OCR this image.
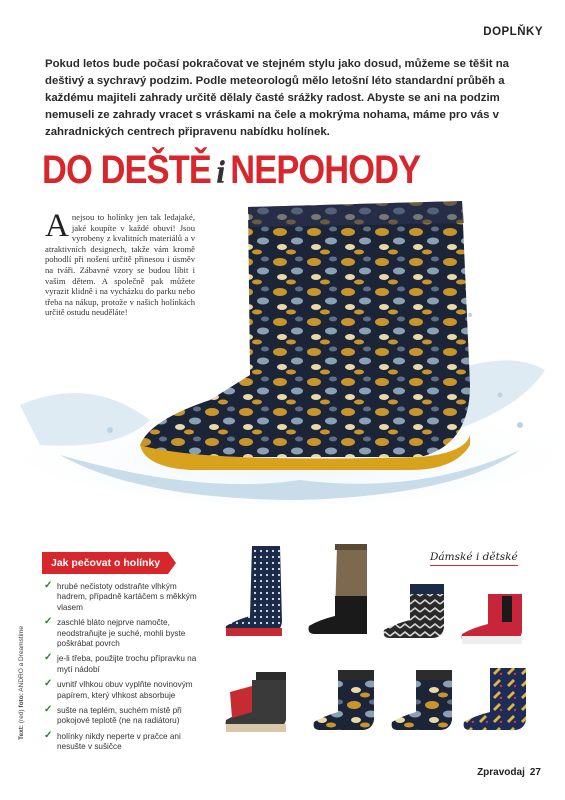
DOPLŇKY

Pokud letos bude počasí pokračovat ve stejném stylu jako dosud, můžeme se těšit na deštivý a sychravý podzim. Podle meteorologů mělo letošní léto standardní průběh a každému majiteli zahrady určitě dělaly časté srážky radost. Abyste se ani na podzim nemuseli ze zahrady vracet s vráskami na čele a mokrýma nohama, máme pro vás v zahradnických centrech připravenu nabídku holínek.

DO DEŠTĚ i NEPOHODY
Anejsou to holínky jen tak ledajaké, jaké koupíte v každé obuvi! Jsou vyrobeny z kvalitních materiálů a v atraktivních designech, takže vám kromě pohodlí při nošení určitě přinesou i úsměv na tváři. Zábavné vzory se budou líbit i vašim dětem. A společně pak můžete vyrazit klidně i na vycházku do parku nebo třeba na nákup, protože v našich holínkách určitě ostudu neuděláte!
Jak pečovat o holínky
✓ hrubé nečistoty odstraňte vlhkým hadrem, případně kartáčem s měkkým vlasem
✓ zaschlé bláto nejprve namočte, neodstraňujte je suché, mohli byste poškrábat povrch
✓ je-li třeba, použijte trochu přípravku na mytí nádobí
✓ uvnitř vlhkou obuv vyplňte novinovým papírem, který vlhkost absorbuje
✓ sušte na teplém, suchém místě při pokojové teplotě (ne na radiátoru)
✓ holínky nikdy neperte v pračce ani nesušte v sušičce
Text: (red) foto: ANDRO a Dreamstime
Dámské i dětské
Zpravodaj 27
